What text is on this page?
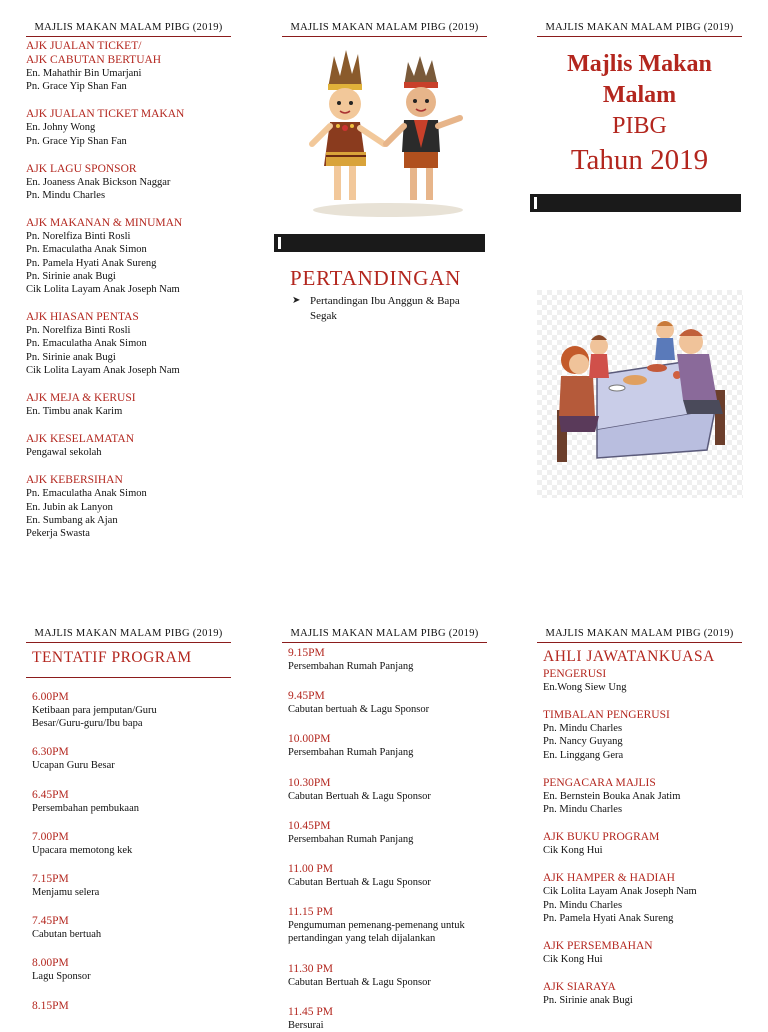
MAJLIS MAKAN MALAM PIBG (2019)
AJK JUALAN TICKET/
AJK CABUTAN BERTUAH
En. Mahathir Bin Umarjani
Pn. Grace Yip Shan Fan
AJK JUALAN TICKET MAKAN
En. Johny Wong
Pn. Grace Yip Shan Fan
AJK LAGU SPONSOR
En. Joaness Anak Bickson Naggar
Pn. Mindu Charles
AJK MAKANAN & MINUMAN
Pn. Norelfiza Binti Rosli
Pn. Emaculatha Anak Simon
Pn. Pamela Hyati Anak Sureng
Pn. Sirinie anak Bugi
Cik Lolita Layam Anak Joseph Nam
AJK HIASAN PENTAS
Pn. Norelfiza Binti Rosli
Pn. Emaculatha Anak Simon
Pn. Sirinie anak Bugi
Cik Lolita Layam Anak Joseph Nam
AJK MEJA & KERUSI
En. Timbu anak Karim
AJK KESELAMATAN
Pengawal sekolah
AJK KEBERSIHAN
Pn. Emaculatha Anak Simon
En. Jubin ak Lanyon
En. Sumbang ak Ajan
Pekerja Swasta
MAJLIS MAKAN MALAM PIBG (2019)
PERTANDINGAN
➤ Pertandingan Ibu Anggun & Bapa Segak
MAJLIS MAKAN MALAM PIBG (2019)
Majlis Makan
Malam
PIBG
Tahun 2019
MAJLIS MAKAN MALAM PIBG (2019)
TENTATIF PROGRAM
6.00PM
Ketibaan para jemputan/Guru
Besar/Guru-guru/Ibu bapa
6.30PM
Ucapan Guru Besar
6.45PM
Persembahan pembukaan
7.00PM
Upacara memotong kek
7.15PM
Menjamu selera
7.45PM
Cabutan bertuah
8.00PM
Lagu Sponsor
8.15PM
MAJLIS MAKAN MALAM PIBG (2019)
9.15PM
Persembahan Rumah Panjang
9.45PM
Cabutan bertuah & Lagu Sponsor
10.00PM
Persembahan Rumah Panjang
10.30PM
Cabutan Bertuah & Lagu Sponsor
10.45PM
Persembahan Rumah Panjang
11.00 PM
Cabutan Bertuah & Lagu Sponsor
11.15 PM
Pengumuman pemenang-pemenang untuk
pertandingan yang telah dijalankan
11.30 PM
Cabutan Bertuah & Lagu Sponsor
11.45 PM
Bersurai
MAJLIS MAKAN MALAM PIBG (2019)
AHLI JAWATANKUASA
PENGERUSI
En.Wong Siew Ung
TIMBALAN PENGERUSI
Pn. Mindu Charles
Pn. Nancy Guyang
En. Linggang Gera
PENGACARA MAJLIS
En. Bernstein Bouka Anak Jatim
Pn. Mindu Charles
AJK BUKU PROGRAM
Cik Kong Hui
AJK HAMPER & HADIAH
Cik Lolita Layam Anak Joseph Nam
Pn. Mindu Charles
Pn. Pamela Hyati Anak Sureng
AJK PERSEMBAHAN
Cik Kong Hui
AJK SIARAYA
Pn. Sirinie anak Bugi
